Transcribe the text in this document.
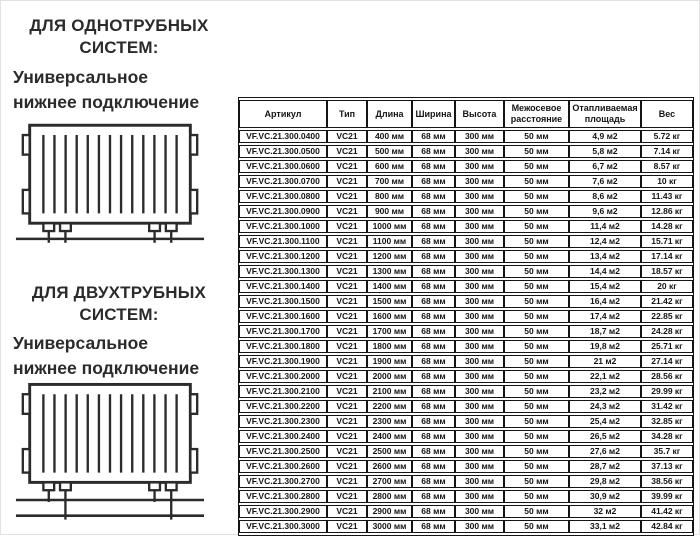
ДЛЯ ОДНОТРУБНЫХ СИСТЕМ:
Универсальное нижнее подключение
ДЛЯ ДВУХТРУБНЫХ СИСТЕМ:
Универсальное нижнее подключение
Артикул	Тип	Длина	Ширина	Высота	Межосевое расстояние	Отапливаемая площадь	Вес
VF.VC.21.300.0400	VC21	400 мм	68 мм	300 мм	50 мм	4,9 м2	5.72 кг
VF.VC.21.300.0500	VC21	500 мм	68 мм	300 мм	50 мм	5,8 м2	7.14 кг
VF.VC.21.300.0600	VC21	600 мм	68 мм	300 мм	50 мм	6,7 м2	8.57 кг
VF.VC.21.300.0700	VC21	700 мм	68 мм	300 мм	50 мм	7,6 м2	10 кг
VF.VC.21.300.0800	VC21	800 мм	68 мм	300 мм	50 мм	8,6 м2	11.43 кг
VF.VC.21.300.0900	VC21	900 мм	68 мм	300 мм	50 мм	9,6 м2	12.86 кг
VF.VC.21.300.1000	VC21	1000 мм	68 мм	300 мм	50 мм	11,4 м2	14.28 кг
VF.VC.21.300.1100	VC21	1100 мм	68 мм	300 мм	50 мм	12,4 м2	15.71 кг
VF.VC.21.300.1200	VC21	1200 мм	68 мм	300 мм	50 мм	13,4 м2	17.14 кг
VF.VC.21.300.1300	VC21	1300 мм	68 мм	300 мм	50 мм	14,4 м2	18.57 кг
VF.VC.21.300.1400	VC21	1400 мм	68 мм	300 мм	50 мм	15,4 м2	20 кг
VF.VC.21.300.1500	VC21	1500 мм	68 мм	300 мм	50 мм	16,4 м2	21.42 кг
VF.VC.21.300.1600	VC21	1600 мм	68 мм	300 мм	50 мм	17,4 м2	22.85 кг
VF.VC.21.300.1700	VC21	1700 мм	68 мм	300 мм	50 мм	18,7 м2	24.28 кг
VF.VC.21.300.1800	VC21	1800 мм	68 мм	300 мм	50 мм	19,8 м2	25.71 кг
VF.VC.21.300.1900	VC21	1900 мм	68 мм	300 мм	50 мм	21 м2	27.14 кг
VF.VC.21.300.2000	VC21	2000 мм	68 мм	300 мм	50 мм	22,1 м2	28.56 кг
VF.VC.21.300.2100	VC21	2100 мм	68 мм	300 мм	50 мм	23,2 м2	29.99 кг
VF.VC.21.300.2200	VC21	2200 мм	68 мм	300 мм	50 мм	24,3 м2	31.42 кг
VF.VC.21.300.2300	VC21	2300 мм	68 мм	300 мм	50 мм	25,4 м2	32.85 кг
VF.VC.21.300.2400	VC21	2400 мм	68 мм	300 мм	50 мм	26,5 м2	34.28 кг
VF.VC.21.300.2500	VC21	2500 мм	68 мм	300 мм	50 мм	27,6 м2	35.7 кг
VF.VC.21.300.2600	VC21	2600 мм	68 мм	300 мм	50 мм	28,7 м2	37.13 кг
VF.VC.21.300.2700	VC21	2700 мм	68 мм	300 мм	50 мм	29,8 м2	38.56 кг
VF.VC.21.300.2800	VC21	2800 мм	68 мм	300 мм	50 мм	30,9 м2	39.99 кг
VF.VC.21.300.2900	VC21	2900 мм	68 мм	300 мм	50 мм	32 м2	41.42 кг
VF.VC.21.300.3000	VC21	3000 мм	68 мм	300 мм	50 мм	33,1 м2	42.84 кг
